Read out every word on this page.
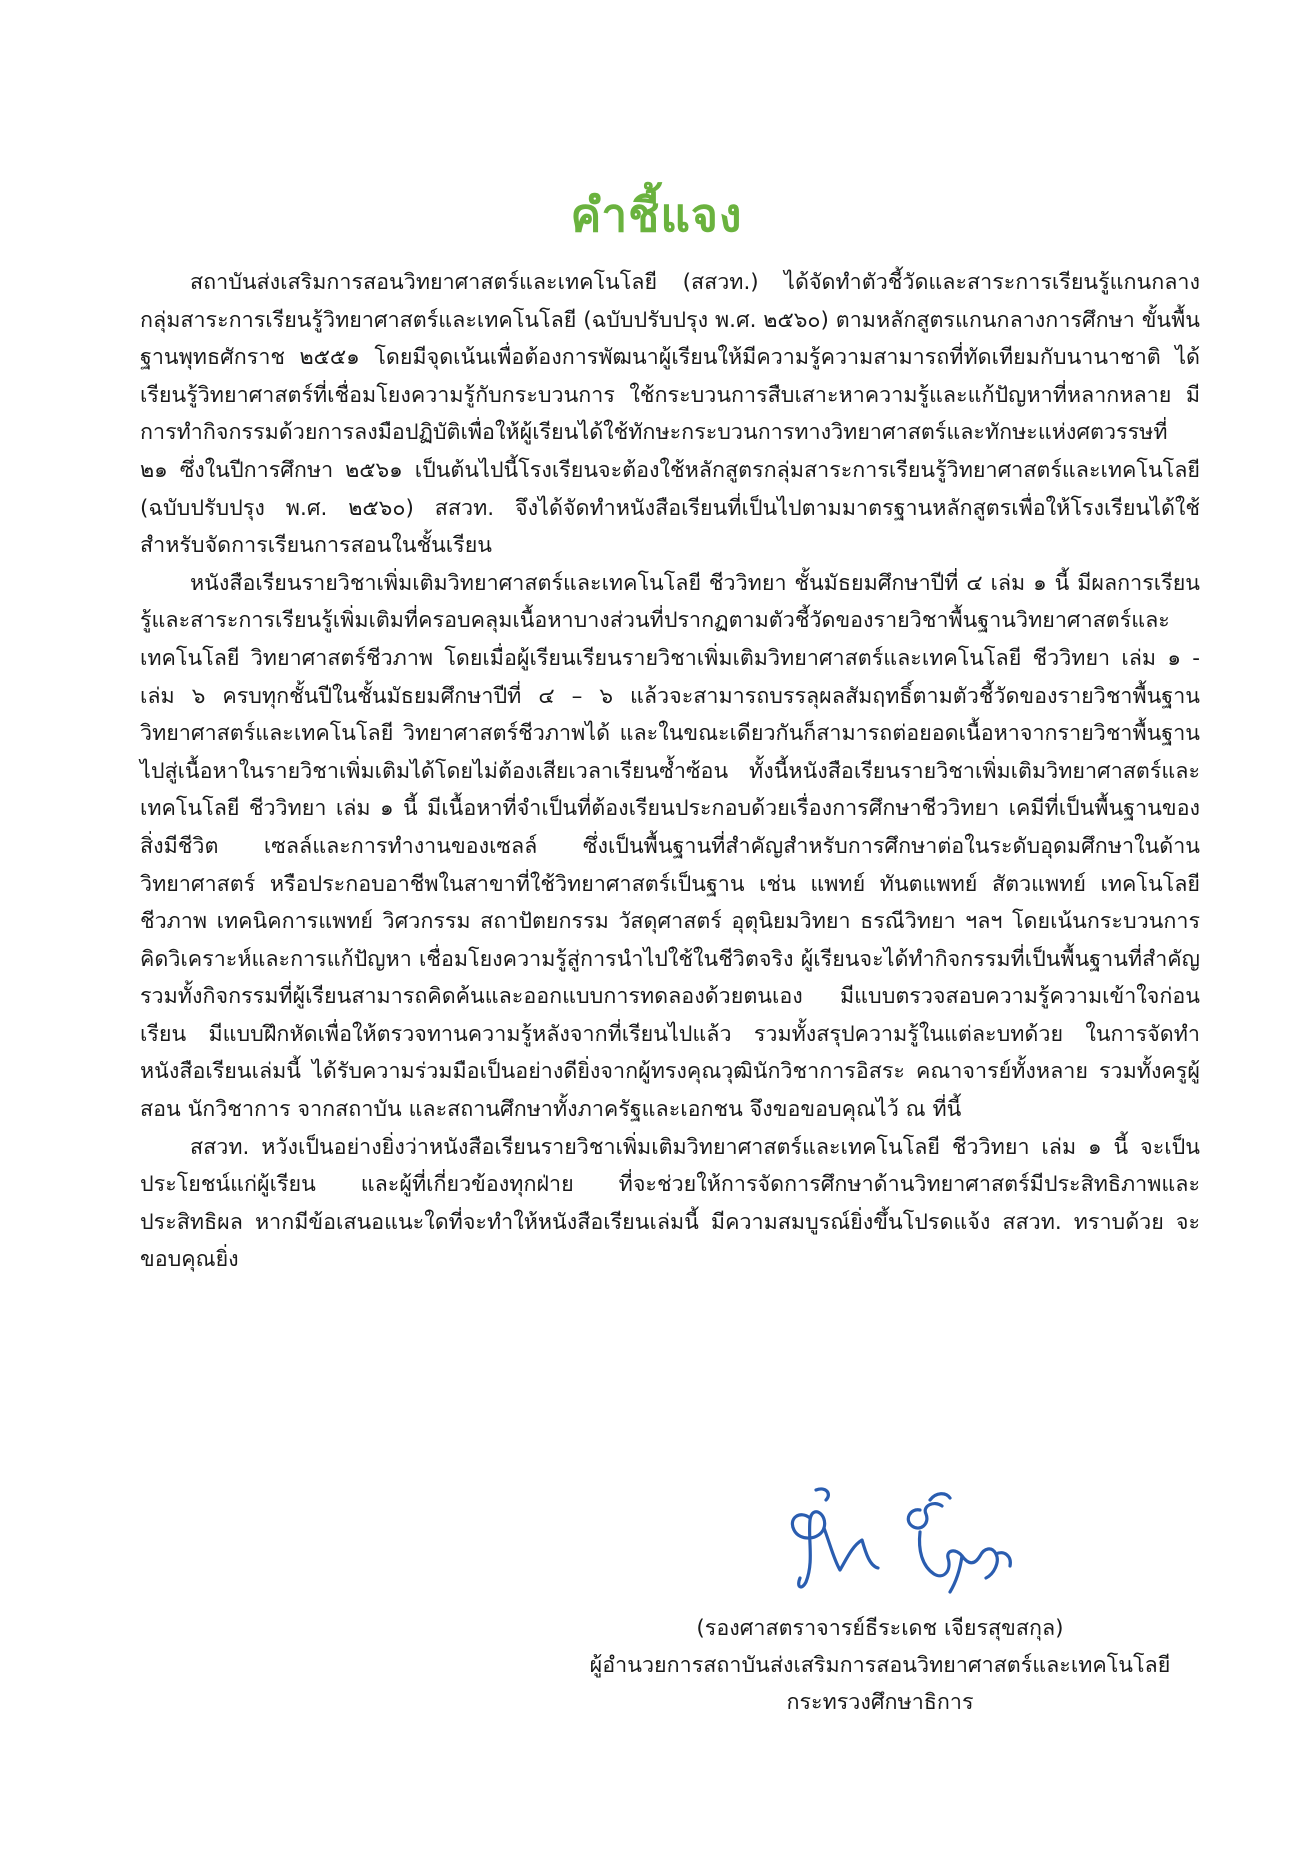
คำชี้แจง

สถาบันส่งเสริมการสอนวิทยาศาสตร์และเทคโนโลยี (สสวท.) ได้จัดทำตัวชี้วัดและสาระการเรียนรู้แกนกลาง กลุ่มสาระการเรียนรู้วิทยาศาสตร์และเทคโนโลยี (ฉบับปรับปรุง พ.ศ. ๒๕๖๐) ตามหลักสูตรแกนกลางการศึกษา ขั้นพื้นฐานพุทธศักราช ๒๕๕๑ โดยมีจุดเน้นเพื่อต้องการพัฒนาผู้เรียนให้มีความรู้ความสามารถที่ทัดเทียมกับนานาชาติ ได้เรียนรู้วิทยาศาสตร์ที่เชื่อมโยงความรู้กับกระบวนการ ใช้กระบวนการสืบเสาะหาความรู้และแก้ปัญหาที่หลากหลาย มีการทำกิจกรรมด้วยการลงมือปฏิบัติเพื่อให้ผู้เรียนได้ใช้ทักษะกระบวนการทางวิทยาศาสตร์และทักษะแห่งศตวรรษที่ ๒๑ ซึ่งในปีการศึกษา ๒๕๖๑ เป็นต้นไปนี้โรงเรียนจะต้องใช้หลักสูตรกลุ่มสาระการเรียนรู้วิทยาศาสตร์และเทคโนโลยี (ฉบับปรับปรุง พ.ศ. ๒๕๖๐) สสวท. จึงได้จัดทำหนังสือเรียนที่เป็นไปตามมาตรฐานหลักสูตรเพื่อให้โรงเรียนได้ใช้สำหรับจัดการเรียนการสอนในชั้นเรียน

หนังสือเรียนรายวิชาเพิ่มเติมวิทยาศาสตร์และเทคโนโลยี ชีววิทยา ชั้นมัธยมศึกษาปีที่ ๔ เล่ม ๑ นี้ มีผลการเรียนรู้และสาระการเรียนรู้เพิ่มเติมที่ครอบคลุมเนื้อหาบางส่วนที่ปรากฏตามตัวชี้วัดของรายวิชาพื้นฐานวิทยาศาสตร์และเทคโนโลยี วิทยาศาสตร์ชีวภาพ โดยเมื่อผู้เรียนเรียนรายวิชาเพิ่มเติมวิทยาศาสตร์และเทคโนโลยี ชีววิทยา เล่ม ๑ - เล่ม ๖ ครบทุกชั้นปีในชั้นมัธยมศึกษาปีที่ ๔ – ๖ แล้วจะสามารถบรรลุผลสัมฤทธิ์ตามตัวชี้วัดของรายวิชาพื้นฐานวิทยาศาสตร์และเทคโนโลยี วิทยาศาสตร์ชีวภาพได้ และในขณะเดียวกันก็สามารถต่อยอดเนื้อหาจากรายวิชาพื้นฐานไปสู่เนื้อหาในรายวิชาเพิ่มเติมได้โดยไม่ต้องเสียเวลาเรียนซ้ำซ้อน ทั้งนี้หนังสือเรียนรายวิชาเพิ่มเติมวิทยาศาสตร์และเทคโนโลยี ชีววิทยา เล่ม ๑ นี้ มีเนื้อหาที่จำเป็นที่ต้องเรียนประกอบด้วยเรื่องการศึกษาชีววิทยา เคมีที่เป็นพื้นฐานของสิ่งมีชีวิต เซลล์และการทำงานของเซลล์ ซึ่งเป็นพื้นฐานที่สำคัญสำหรับการศึกษาต่อในระดับอุดมศึกษาในด้านวิทยาศาสตร์ หรือประกอบอาชีพในสาขาที่ใช้วิทยาศาสตร์เป็นฐาน เช่น แพทย์ ทันตแพทย์ สัตวแพทย์ เทคโนโลยีชีวภาพ เทคนิคการแพทย์ วิศวกรรม สถาปัตยกรรม วัสดุศาสตร์ อุตุนิยมวิทยา ธรณีวิทยา ฯลฯ โดยเน้นกระบวนการคิดวิเคราะห์และการแก้ปัญหา เชื่อมโยงความรู้สู่การนำไปใช้ในชีวิตจริง ผู้เรียนจะได้ทำกิจกรรมที่เป็นพื้นฐานที่สำคัญ รวมทั้งกิจกรรมที่ผู้เรียนสามารถคิดค้นและออกแบบการทดลองด้วยตนเอง มีแบบตรวจสอบความรู้ความเข้าใจก่อนเรียน มีแบบฝึกหัดเพื่อให้ตรวจทานความรู้หลังจากที่เรียนไปแล้ว รวมทั้งสรุปความรู้ในแต่ละบทด้วย ในการจัดทำหนังสือเรียนเล่มนี้ ได้รับความร่วมมือเป็นอย่างดียิ่งจากผู้ทรงคุณวุฒินักวิชาการอิสระ คณาจารย์ทั้งหลาย รวมทั้งครูผู้สอน นักวิชาการ จากสถาบัน และสถานศึกษาทั้งภาครัฐและเอกชน จึงขอขอบคุณไว้ ณ ที่นี้

สสวท. หวังเป็นอย่างยิ่งว่าหนังสือเรียนรายวิชาเพิ่มเติมวิทยาศาสตร์และเทคโนโลยี ชีววิทยา เล่ม ๑ นี้ จะเป็นประโยชน์แก่ผู้เรียน และผู้ที่เกี่ยวข้องทุกฝ่าย ที่จะช่วยให้การจัดการศึกษาด้านวิทยาศาสตร์มีประสิทธิภาพและประสิทธิผล หากมีข้อเสนอแนะใดที่จะทำให้หนังสือเรียนเล่มนี้ มีความสมบูรณ์ยิ่งขึ้นโปรดแจ้ง สสวท. ทราบด้วย จะขอบคุณยิ่ง

(รองศาสตราจารย์ธีระเดช เจียรสุขสกุล)
ผู้อำนวยการสถาบันส่งเสริมการสอนวิทยาศาสตร์และเทคโนโลยี
กระทรวงศึกษาธิการ
